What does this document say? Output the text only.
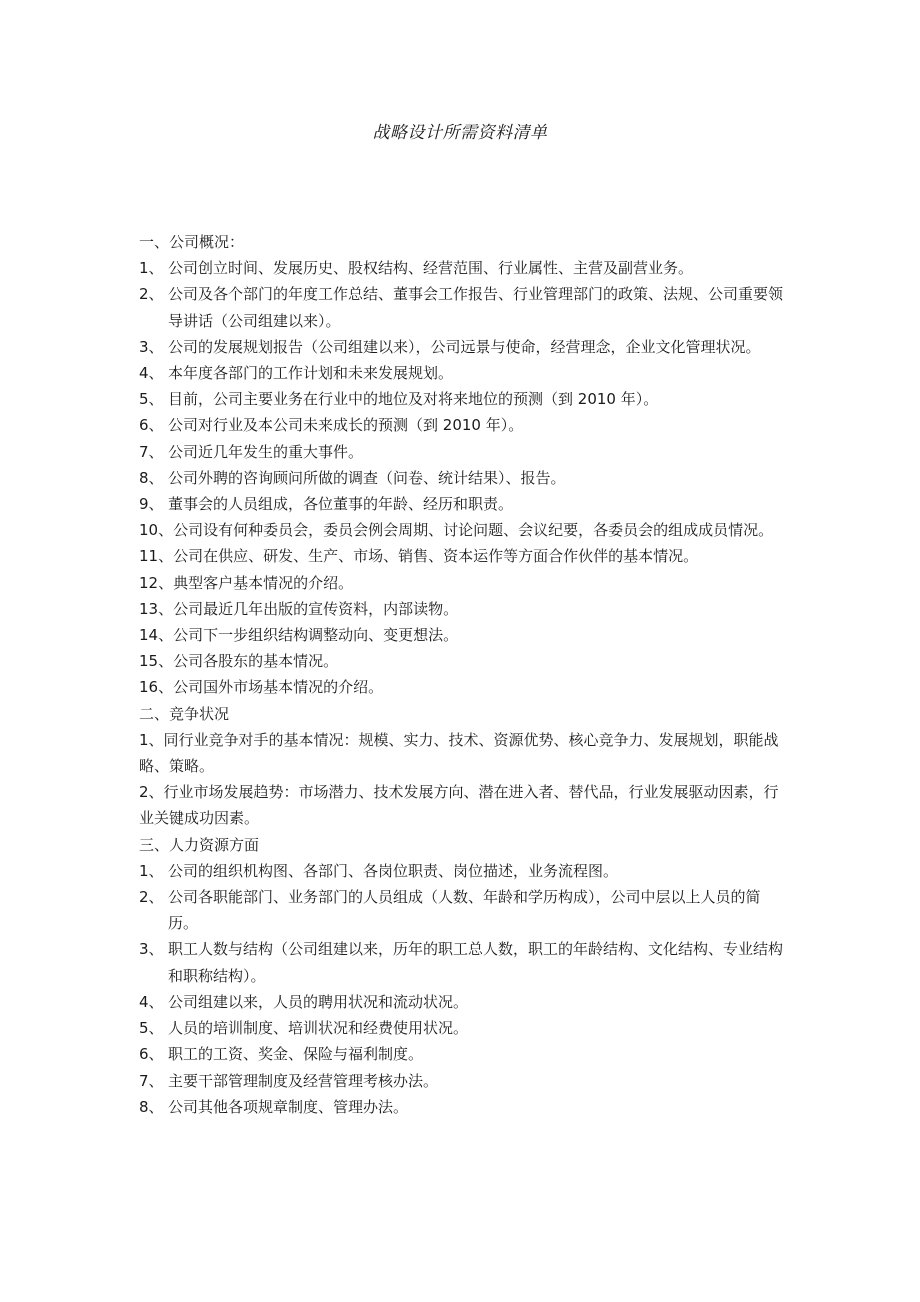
战略设计所需资料清单
一、公司概况：
1、 公司创立时间、发展历史、股权结构、经营范围、行业属性、主营及副营业务。
2、 公司及各个部门的年度工作总结、董事会工作报告、行业管理部门的政策、法规、公司重要领导讲话（公司组建以来）。
3、 公司的发展规划报告（公司组建以来），公司远景与使命，经营理念，企业文化管理状况。
4、 本年度各部门的工作计划和未来发展规划。
5、 目前，公司主要业务在行业中的地位及对将来地位的预测（到 2010 年）。
6、 公司对行业及本公司未来成长的预测（到 2010 年）。
7、 公司近几年发生的重大事件。
8、 公司外聘的咨询顾问所做的调查（问卷、统计结果）、报告。
9、 董事会的人员组成，各位董事的年龄、经历和职责。
10、公司设有何种委员会，委员会例会周期、讨论问题、会议纪要，各委员会的组成成员情况。
11、公司在供应、研发、生产、市场、销售、资本运作等方面合作伙伴的基本情况。
12、典型客户基本情况的介绍。
13、公司最近几年出版的宣传资料，内部读物。
14、公司下一步组织结构调整动向、变更想法。
15、公司各股东的基本情况。
16、公司国外市场基本情况的介绍。
二、竞争状况
1、同行业竞争对手的基本情况：规模、实力、技术、资源优势、核心竞争力、发展规划，职能战略、策略。
2、行业市场发展趋势：市场潜力、技术发展方向、潜在进入者、替代品，行业发展驱动因素，行业关键成功因素。
三、人力资源方面
1、 公司的组织机构图、各部门、各岗位职责、岗位描述，业务流程图。
2、 公司各职能部门、业务部门的人员组成（人数、年龄和学历构成），公司中层以上人员的简历。
3、 职工人数与结构（公司组建以来，历年的职工总人数，职工的年龄结构、文化结构、专业结构和职称结构）。
4、 公司组建以来，人员的聘用状况和流动状况。
5、 人员的培训制度、培训状况和经费使用状况。
6、 职工的工资、奖金、保险与福利制度。
7、 主要干部管理制度及经营管理考核办法。
8、 公司其他各项规章制度、管理办法。
